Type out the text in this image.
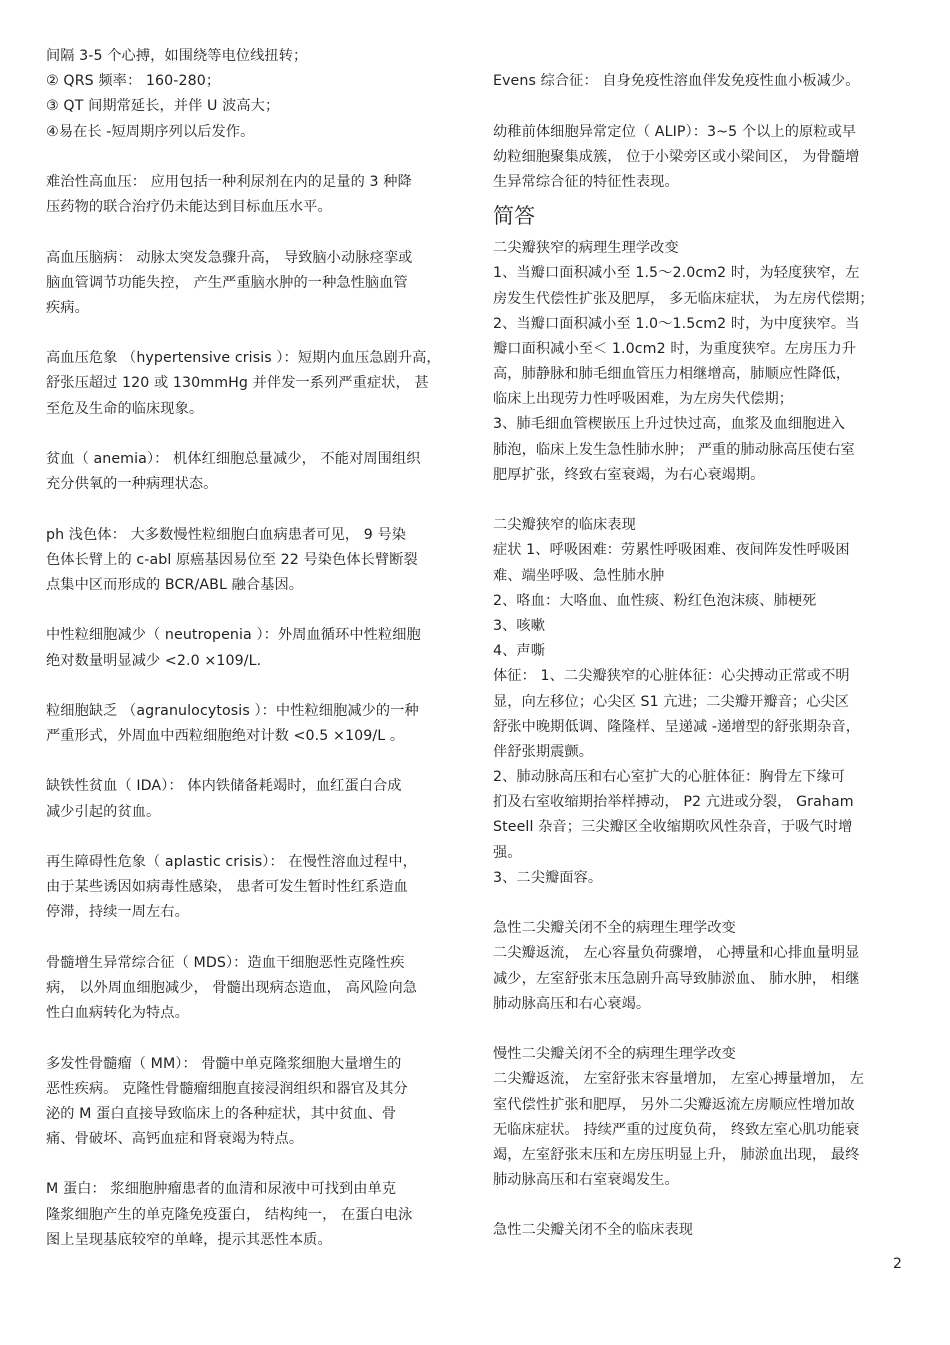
间隔 3-5 个心搏，如围绕等电位线扭转；
② QRS 频率： 160-280；
③ QT 间期常延长，并伴 U 波高大；
④易在长 -短周期序列以后发作。
难治性高血压： 应用包括一种利尿剂在内的足量的 3 种降
压药物的联合治疗仍未能达到目标血压水平。
高血压脑病： 动脉太突发急骤升高， 导致脑小动脉痉挛或
脑血管调节功能失控， 产生严重脑水肿的一种急性脑血管
疾病。
高血压危象 （hypertensive crisis ）：短期内血压急剧升高，
舒张压超过 120 或 130mmHg 并伴发一系列严重症状， 甚
至危及生命的临床现象。
贫血（ anemia）： 机体红细胞总量减少， 不能对周围组织
充分供氧的一种病理状态。
ph 浅色体： 大多数慢性粒细胞白血病患者可见， 9 号染
色体长臂上的 c-abl 原癌基因易位至 22 号染色体长臂断裂
点集中区而形成的 BCR/ABL 融合基因。
中性粒细胞减少（ neutropenia ）：外周血循环中性粒细胞
绝对数量明显减少 <2.0 ×109/L.
粒细胞缺乏 （agranulocytosis ）：中性粒细胞减少的一种
严重形式，外周血中西粒细胞绝对计数 <0.5 ×109/L 。
缺铁性贫血（ IDA）： 体内铁储备耗竭时，血红蛋白合成
减少引起的贫血。
再生障碍性危象（ aplastic crisis）： 在慢性溶血过程中，
由于某些诱因如病毒性感染， 患者可发生暂时性红系造血
停滞，持续一周左右。
骨髓增生异常综合征（ MDS）：造血干细胞恶性克隆性疾
病， 以外周血细胞减少， 骨髓出现病态造血， 高风险向急
性白血病转化为特点。
多发性骨髓瘤（ MM）： 骨髓中单克隆浆细胞大量增生的
恶性疾病。 克隆性骨髓瘤细胞直接浸润组织和器官及其分
泌的 M 蛋白直接导致临床上的各种症状，其中贫血、骨
痛、骨破坏、高钙血症和肾衰竭为特点。
M 蛋白： 浆细胞肿瘤患者的血清和尿液中可找到由单克
隆浆细胞产生的单克隆免疫蛋白， 结构纯一， 在蛋白电泳
图上呈现基底较窄的单峰，提示其恶性本质。
Evens 综合征： 自身免疫性溶血伴发免疫性血小板减少。
幼稚前体细胞异常定位（ ALIP）：3~5 个以上的原粒或早
幼粒细胞聚集成簇， 位于小梁旁区或小梁间区， 为骨髓增
生异常综合征的特征性表现。
简答
二尖瓣狭窄的病理生理学改变
1、当瓣口面积减小至 1.5～2.0cm2 时，为轻度狭窄，左
房发生代偿性扩张及肥厚， 多无临床症状， 为左房代偿期；
2、当瓣口面积减小至 1.0～1.5cm2 时，为中度狭窄。当
瓣口面积减小至＜ 1.0cm2 时，为重度狭窄。左房压力升
高，肺静脉和肺毛细血管压力相继增高，肺顺应性降低，
临床上出现劳力性呼吸困难，为左房失代偿期；
3、肺毛细血管楔嵌压上升过快过高，血浆及血细胞进入
肺泡，临床上发生急性肺水肿； 严重的肺动脉高压使右室
肥厚扩张，终致右室衰竭，为右心衰竭期。
二尖瓣狭窄的临床表现
症状 1、呼吸困难：劳累性呼吸困难、夜间阵发性呼吸困
难、端坐呼吸、急性肺水肿
2、咯血：大咯血、血性痰、粉红色泡沫痰、肺梗死
3、咳嗽
4、声嘶
体征： 1、二尖瓣狭窄的心脏体征：心尖搏动正常或不明
显，向左移位；心尖区 S1 亢进；二尖瓣开瓣音；心尖区
舒张中晚期低调、隆隆样、呈递减 -递增型的舒张期杂音，
伴舒张期震颤。
2、肺动脉高压和右心室扩大的心脏体征：胸骨左下缘可
扪及右室收缩期抬举样搏动， P2 亢进或分裂， Graham
Steell 杂音；三尖瓣区全收缩期吹风性杂音，于吸气时增
强。
3、二尖瓣面容。
急性二尖瓣关闭不全的病理生理学改变
二尖瓣返流， 左心容量负荷骤增， 心搏量和心排血量明显
减少，左室舒张末压急剧升高导致肺淤血、 肺水肿， 相继
肺动脉高压和右心衰竭。
慢性二尖瓣关闭不全的病理生理学改变
二尖瓣返流， 左室舒张末容量增加， 左室心搏量增加， 左
室代偿性扩张和肥厚， 另外二尖瓣返流左房顺应性增加故
无临床症状。 持续严重的过度负荷， 终致左室心肌功能衰
竭，左室舒张末压和左房压明显上升， 肺淤血出现， 最终
肺动脉高压和右室衰竭发生。
急性二尖瓣关闭不全的临床表现
2
